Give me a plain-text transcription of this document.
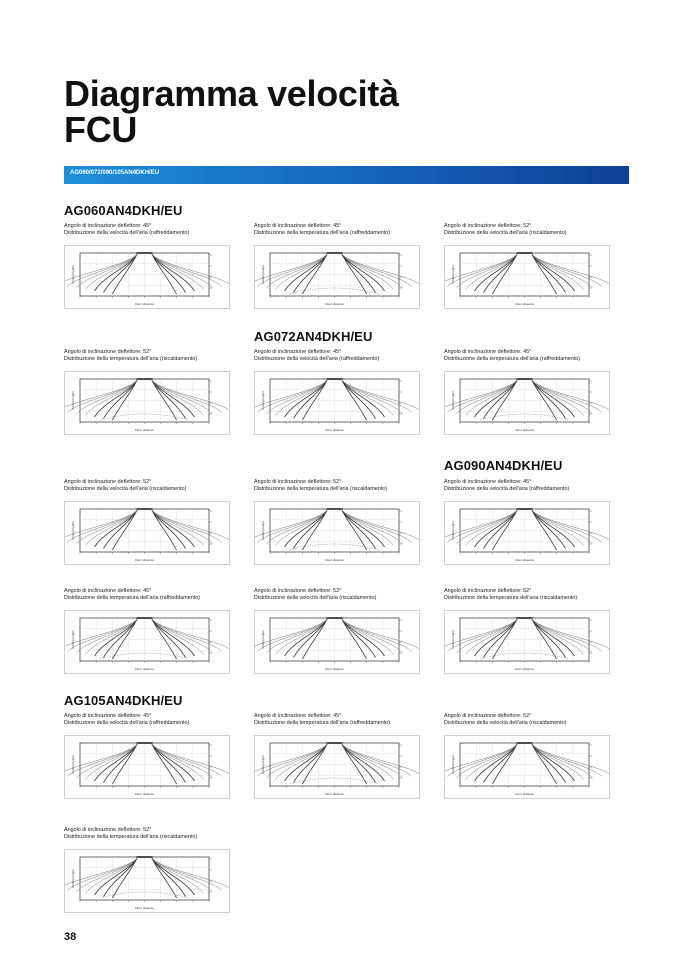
Diagramma velocità
FCU
AG060/072/090/105AN4DKH/EU
AG060AN4DKH/EU
AG072AN4DKH/EU
AG090AN4DKH/EU
AG105AN4DKH/EU
Angolo di inclinazione deflettore: 45°
Distribuzione della velocità dell'aria (raffreddamento)
Ceiling height
Floor distance
Angolo di inclinazione deflettore: 45°
Distribuzione della temperatura dell'aria (raffreddamento)
Ceiling height
Floor distance
Angolo di inclinazione deflettore: 52°
Distribuzione della velocità dell'aria (riscaldamento)
Ceiling height
Floor distance
Angolo di inclinazione deflettore: 52°
Distribuzione della temperatura dell'aria (riscaldamento)
Ceiling height
Floor distance
Angolo di inclinazione deflettore: 45°
Distribuzione della velocità dell'aria (raffreddamento)
Ceiling height
Floor distance
Angolo di inclinazione deflettore: 45°
Distribuzione della temperatura dell'aria (raffreddamento)
Ceiling height
Floor distance
Angolo di inclinazione deflettore: 52°
Distribuzione della velocità dell'aria (riscaldamento)
Ceiling height
Floor distance
Angolo di inclinazione deflettore: 52°
Distribuzione della temperatura dell'aria (riscaldamento)
Ceiling height
Floor distance
Angolo di inclinazione deflettore: 45°
Distribuzione della velocità dell'aria (raffreddamento)
Ceiling height
Floor distance
Angolo di inclinazione deflettore: 45°
Distribuzione della temperatura dell'aria (raffreddamento)
Ceiling height
Floor distance
Angolo di inclinazione deflettore: 52°
Distribuzione della velocità dell'aria (riscaldamento)
Ceiling height
Floor distance
Angolo di inclinazione deflettore: 52°
Distribuzione della temperatura dell'aria (riscaldamento)
Ceiling height
Floor distance
Angolo di inclinazione deflettore: 45°
Distribuzione della velocità dell'aria (raffreddamento)
Ceiling height
Floor distance
Angolo di inclinazione deflettore: 45°
Distribuzione della temperatura dell'aria (raffreddamento)
Ceiling height
Floor distance
Angolo di inclinazione deflettore: 52°
Distribuzione della velocità dell'aria (riscaldamento)
Ceiling height
Floor distance
Angolo di inclinazione deflettore: 52°
Distribuzione della temperatura dell'aria (riscaldamento)
Ceiling height
Floor distance
38
